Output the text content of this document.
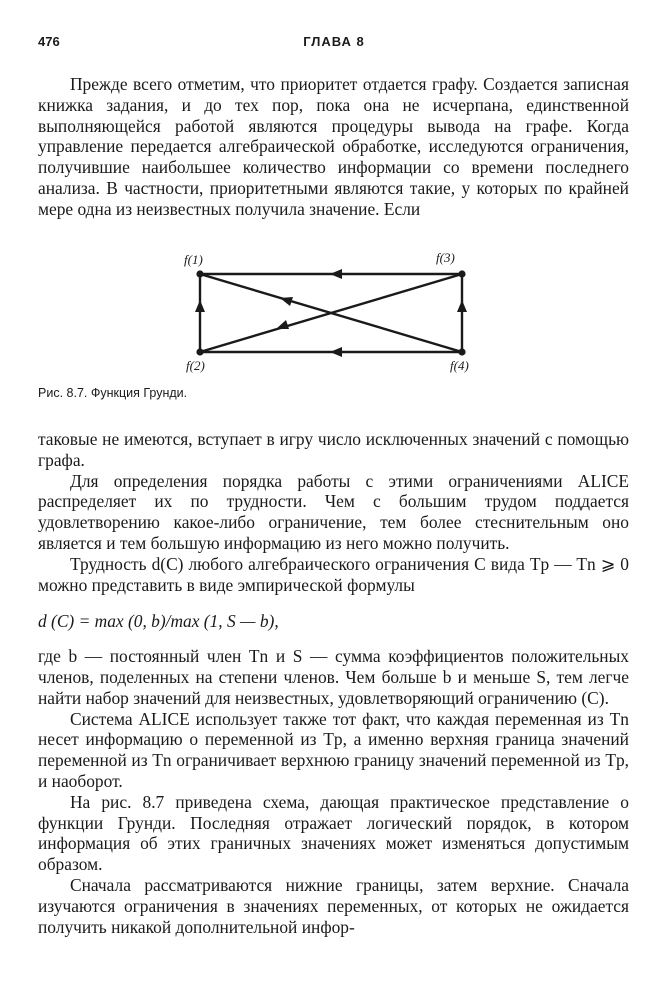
476	ГЛАВА 8

Прежде всего отметим, что приоритет отдается графу. Создается записная книжка задания, и до тех пор, пока она не исчерпана, единственной выполняющейся работой являются процедуры вывода на графе. Когда управление передается алгебраической обработке, исследуются ограничения, получившие наибольшее количество информации со времени последнего анализа. В частности, приоритетными являются такие, у которых по крайней мере одна из неизвестных получила значение. Если

f(1)	f(3)
f(2)	f(4)
Рис. 8.7. Функция Грунди.

таковые не имеются, вступает в игру число исключенных значений с помощью графа.

Для определения порядка работы с этими ограничениями ALICE распределяет их по трудности. Чем с большим трудом поддается удовлетворению какое-либо ограничение, тем более стеснительным оно является и тем большую информацию из него можно получить.

Трудность d(C) любого алгебраического ограничения C вида Tp — Tn ⩾ 0 можно представить в виде эмпирической формулы

d (C) = max (0, b)/max (1, S — b),

где b — постоянный член Tn и S — сумма коэффициентов положительных членов, поделенных на степени членов. Чем больше b и меньше S, тем легче найти набор значений для неизвестных, удовлетворяющий ограничению (C).

Система ALICE использует также тот факт, что каждая переменная из Tn несет информацию о переменной из Tp, а именно верхняя граница значений переменной из Tn ограничивает верхнюю границу значений переменной из Tp, и наоборот.

На рис. 8.7 приведена схема, дающая практическое представление о функции Грунди. Последняя отражает логический порядок, в котором информация об этих граничных значениях может изменяться допустимым образом.

Сначала рассматриваются нижние границы, затем верхние. Сначала изучаются ограничения в значениях переменных, от которых не ожидается получить никакой дополнительной инфор-
